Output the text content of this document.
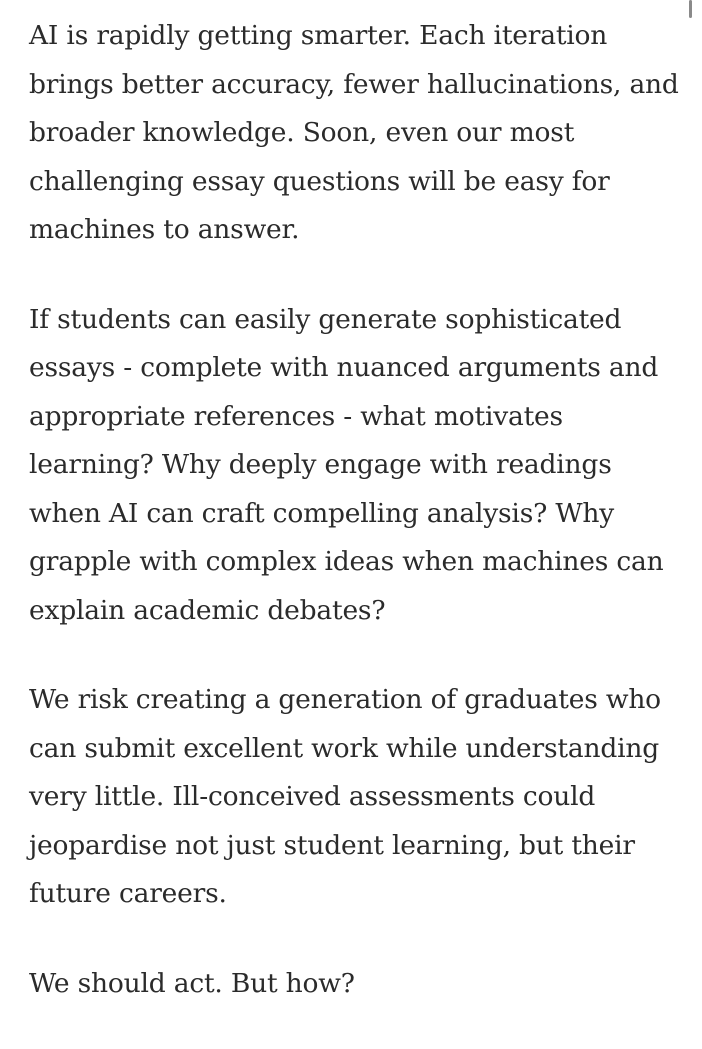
AI is rapidly getting smarter. Each iteration brings better accuracy, fewer hallucinations, and broader knowledge. Soon, even our most challenging essay questions will be easy for machines to answer.

If students can easily generate sophisticated essays - complete with nuanced arguments and appropriate references - what motivates learning? Why deeply engage with readings when AI can craft compelling analysis? Why grapple with complex ideas when machines can explain academic debates?

We risk creating a generation of graduates who can submit excellent work while understanding very little. Ill-conceived assessments could jeopardise not just student learning, but their future careers.

We should act. But how?
